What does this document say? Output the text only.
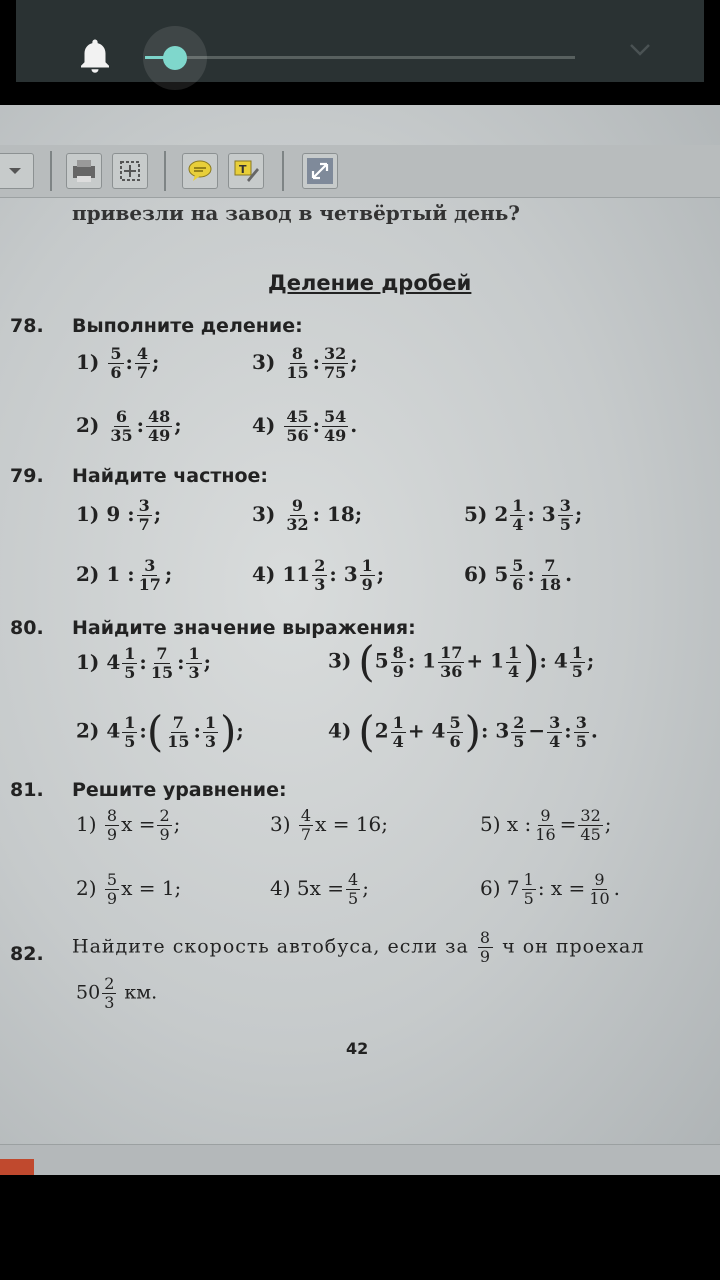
T
привезли на завод в четвёртый день?
Деление дробей
78. Выполните деление:
$1) \frac{5}{6}$ : $\frac{4}{7}$ ;	$3) \frac{8}{15}$ : $\frac{32}{75}$ ;
$2) \frac{6}{35}$ : $\frac{48}{49}$ ;	$4) \frac{45}{56}$ : $\frac{54}{49}$ .
79. Найдите частное:
1) 9 : $\frac{3}{7}$ ;	$3) \frac{9}{32}$ : 18;	5) $2 \frac{1}{4}$ : $3 \frac{3}{5}$ ;
2) 1 : $\frac{3}{17}$ ;	4) $11 \frac{2}{3}$ : $3 \frac{1}{9}$ ;	6) $5 \frac{5}{6}$ : $\frac{7}{18}$ .
80. Найдите значение выражения:
1) $4 \frac{1}{5}$ : $\frac{7}{15}$ : $\frac{1}{3}$ ;	3) ($5 \frac{8}{9}$ : $1 \frac{17}{36} + 1 \frac{1}{4}$ ): $4 \frac{1}{5}$ ;
2) $4 \frac{1}{5}$ :( $\frac{7}{15}$ : $\frac{1}{3}$ );	4) ($2 \frac{1}{4} + 4 \frac{5}{6}$ ): $3 \frac{2}{5} - \frac{3}{4}$ : $\frac{3}{5}$ .
81. Решите уравнение:
$1) \frac{8}{9}$ $x = \frac{2}{9}$ ;	$3) \frac{4}{7}$ x = 16;	5) x : $\frac{9}{16} = \frac{32}{45}$ ;
$2) \frac{5}{9}$ x = 1;	4) $5x = \frac{4}{5}$ ;	6) $7 \frac{1}{5}$ : $x = \frac{9}{10}$ .
82. Найдите скорость автобуса, если за $\frac{8}{9}$ ч он проехал
$50 \frac{2}{3}$ км.
42
